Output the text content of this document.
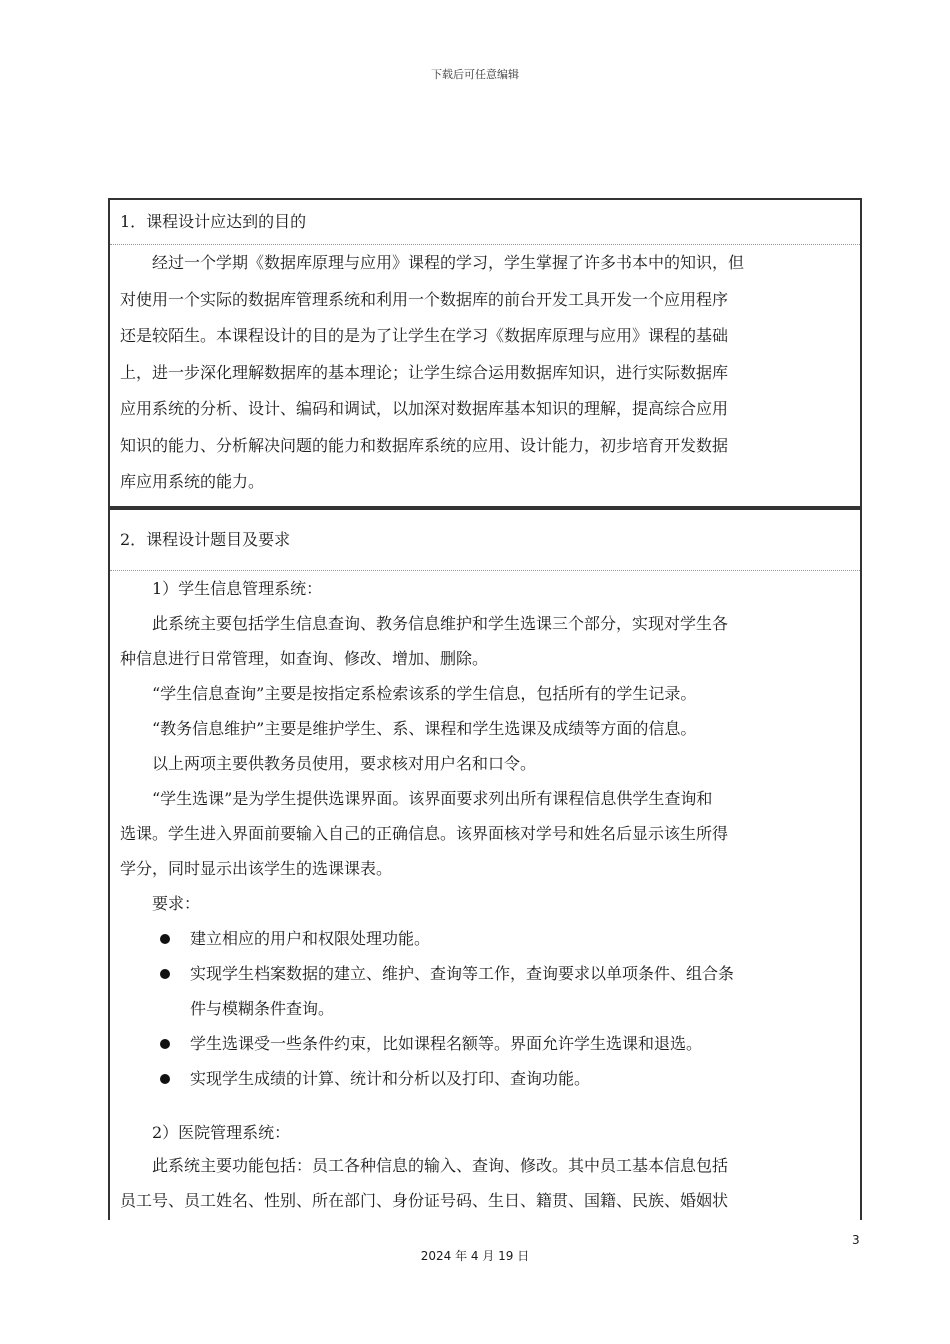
下载后可任意编辑
1．课程设计应达到的目的

经过一个学期《数据库原理与应用》课程的学习，学生掌握了许多书本中的知识，但

对使用一个实际的数据库管理系统和利用一个数据库的前台开发工具开发一个应用程序

还是较陌生。本课程设计的目的是为了让学生在学习《数据库原理与应用》课程的基础

上，进一步深化理解数据库的基本理论；让学生综合运用数据库知识，进行实际数据库

应用系统的分析、设计、编码和调试，以加深对数据库基本知识的理解，提高综合应用

知识的能力、分析解决问题的能力和数据库系统的应用、设计能力，初步培育开发数据

库应用系统的能力。

2．课程设计题目及要求

1）学生信息管理系统：

此系统主要包括学生信息查询、教务信息维护和学生选课三个部分，实现对学生各

种信息进行日常管理，如查询、修改、增加、删除。

“学生信息查询”主要是按指定系检索该系的学生信息，包括所有的学生记录。

“教务信息维护”主要是维护学生、系、课程和学生选课及成绩等方面的信息。

以上两项主要供教务员使用，要求核对用户名和口令。

“学生选课”是为学生提供选课界面。该界面要求列出所有课程信息供学生查询和

选课。学生进入界面前要输入自己的正确信息。该界面核对学号和姓名后显示该生所得

学分，同时显示出该学生的选课课表。

要求：

建立相应的用户和权限处理功能。
实现学生档案数据的建立、维护、查询等工作，查询要求以单项条件、组合条
件与模糊条件查询。
学生选课受一些条件约束，比如课程名额等。界面允许学生选课和退选。
实现学生成绩的计算、统计和分析以及打印、查询功能。

2）医院管理系统：

此系统主要功能包括：员工各种信息的输入、查询、修改。其中员工基本信息包括

员工号、员工姓名、性别、所在部门、身份证号码、生日、籍贯、国籍、民族、婚姻状

3
2024 年 4 月 19 日
